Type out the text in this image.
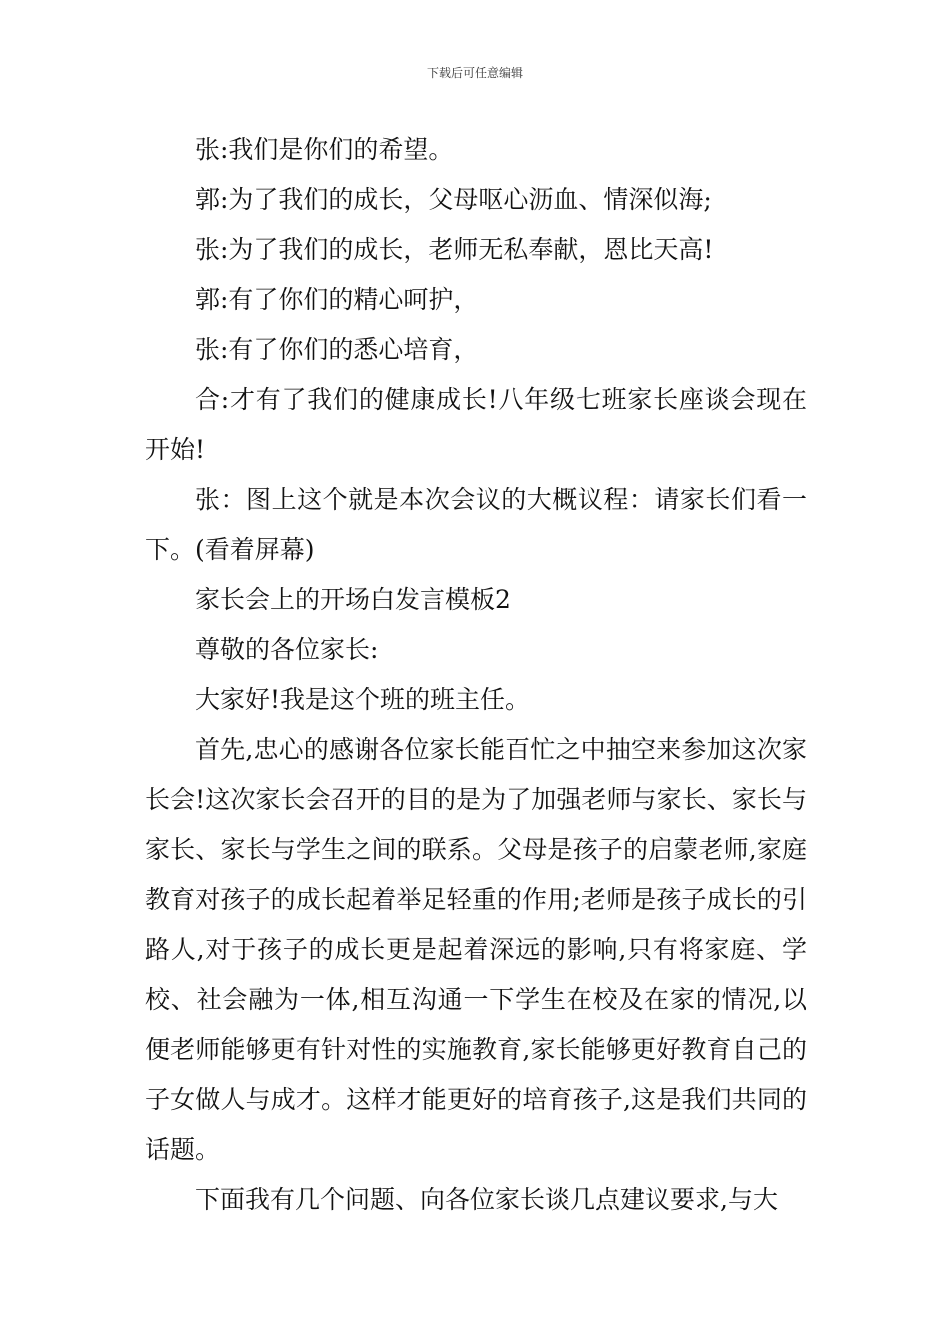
下载后可任意编辑

张:我们是你们的希望。

郭:为了我们的成长，父母呕心沥血、情深似海;

张:为了我们的成长，老师无私奉献，恩比天高!

郭:有了你们的精心呵护，

张:有了你们的悉心培育，

合:才有了我们的健康成长!八年级七班家长座谈会现在开始!

张：图上这个就是本次会议的大概议程：请家长们看一下。(看着屏幕)

家长会上的开场白发言模板2

尊敬的各位家长:

大家好!我是这个班的班主任。

首先,忠心的感谢各位家长能百忙之中抽空来参加这次家长会!这次家长会召开的目的是为了加强老师与家长、家长与家长、家长与学生之间的联系。父母是孩子的启蒙老师,家庭教育对孩子的成长起着举足轻重的作用;老师是孩子成长的引路人,对于孩子的成长更是起着深远的影响,只有将家庭、学校、社会融为一体,相互沟通一下学生在校及在家的情况,以便老师能够更有针对性的实施教育,家长能够更好教育自己的子女做人与成才。这样才能更好的培育孩子,这是我们共同的话题。

下面我有几个问题、向各位家长谈几点建议要求,与大
